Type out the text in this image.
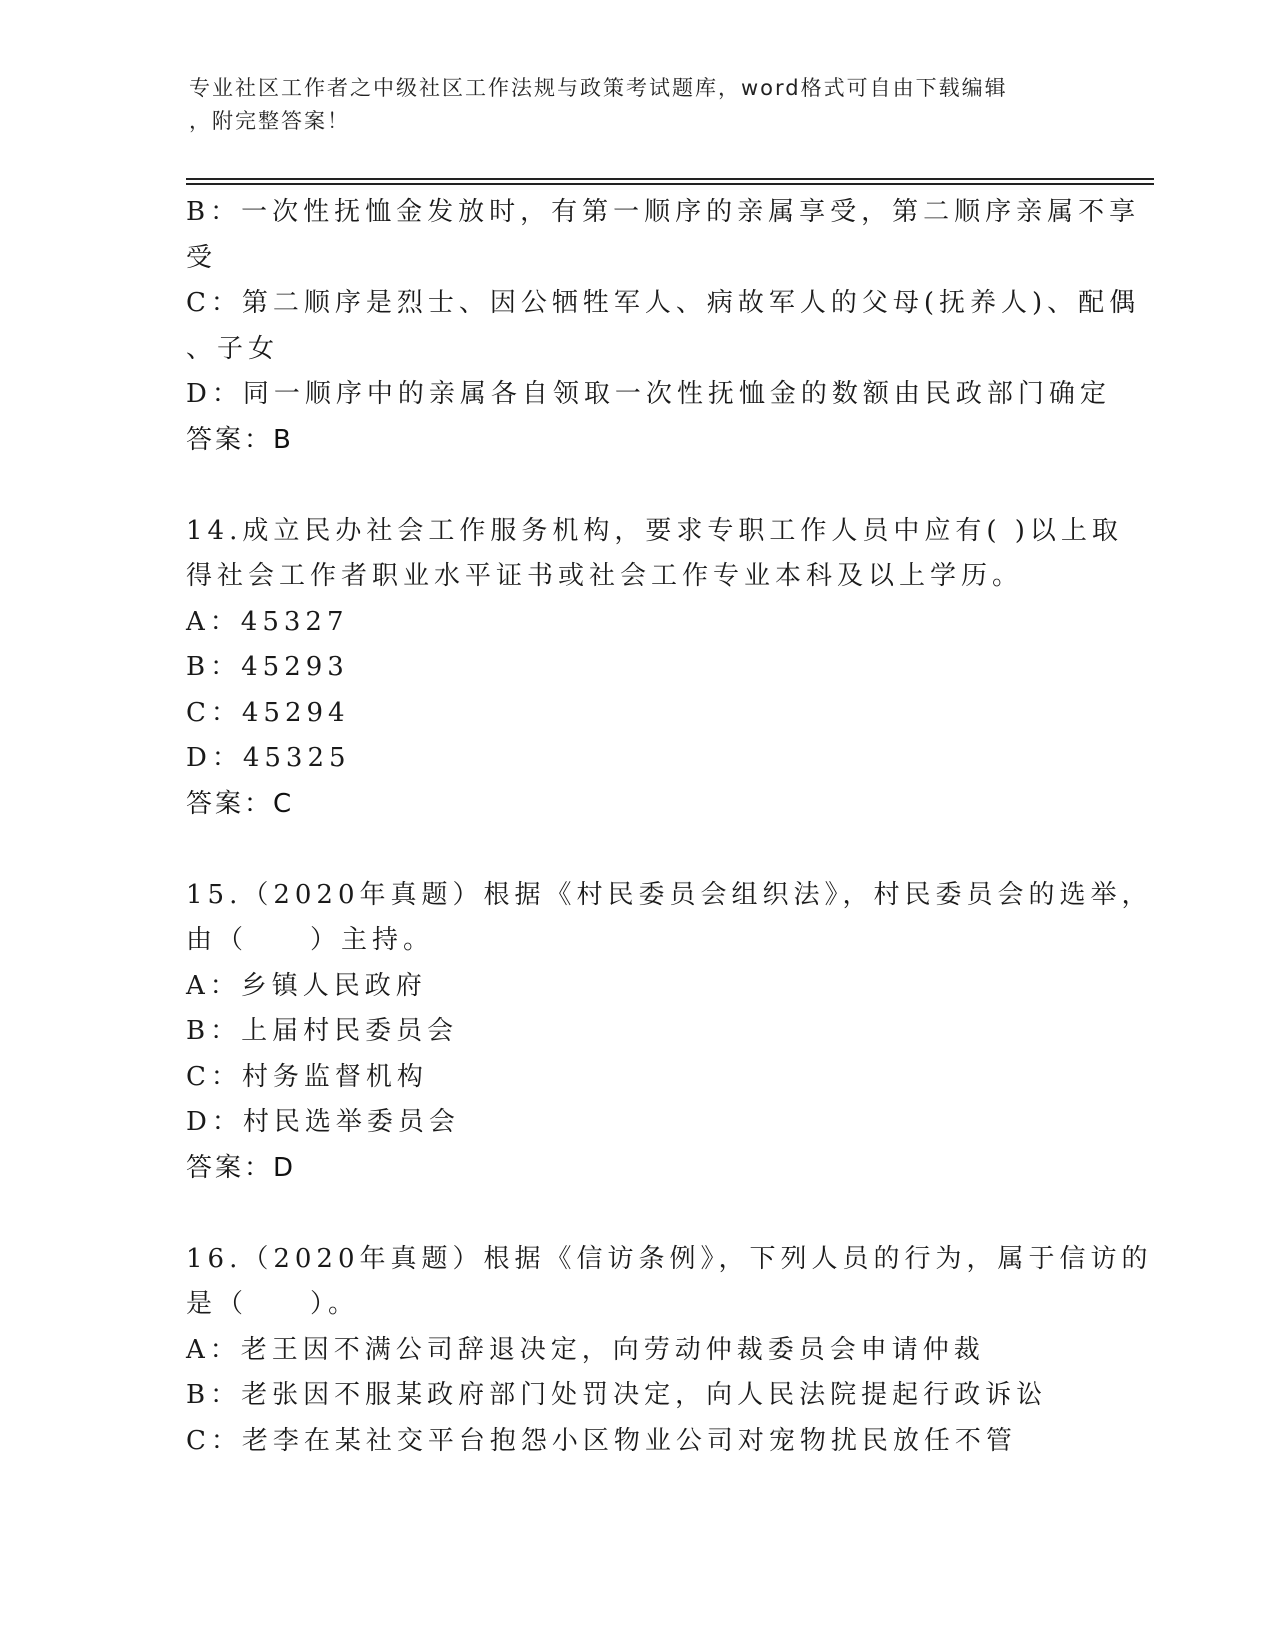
专业社区工作者之中级社区工作法规与政策考试题库，word格式可自由下载编辑
，附完整答案！
B：一次性抚恤金发放时，有第一顺序的亲属享受，第二顺序亲属不享
受
C：第二顺序是烈士、因公牺牲军人、病故军人的父母(抚养人)、配偶
、子女
D：同一顺序中的亲属各自领取一次性抚恤金的数额由民政部门确定
答案：B
14.成立民办社会工作服务机构，要求专职工作人员中应有( )以上取
得社会工作者职业水平证书或社会工作专业本科及以上学历。
A：45327
B：45293
C：45294
D：45325
答案：C
15.（2020年真题）根据《村民委员会组织法》，村民委员会的选举，
由（　　）主持。
A：乡镇人民政府
B：上届村民委员会
C：村务监督机构
D：村民选举委员会
答案：D
16.（2020年真题）根据《信访条例》，下列人员的行为，属于信访的
是（　　）。
A：老王因不满公司辞退决定，向劳动仲裁委员会申请仲裁
B：老张因不服某政府部门处罚决定，向人民法院提起行政诉讼
C：老李在某社交平台抱怨小区物业公司对宠物扰民放任不管
